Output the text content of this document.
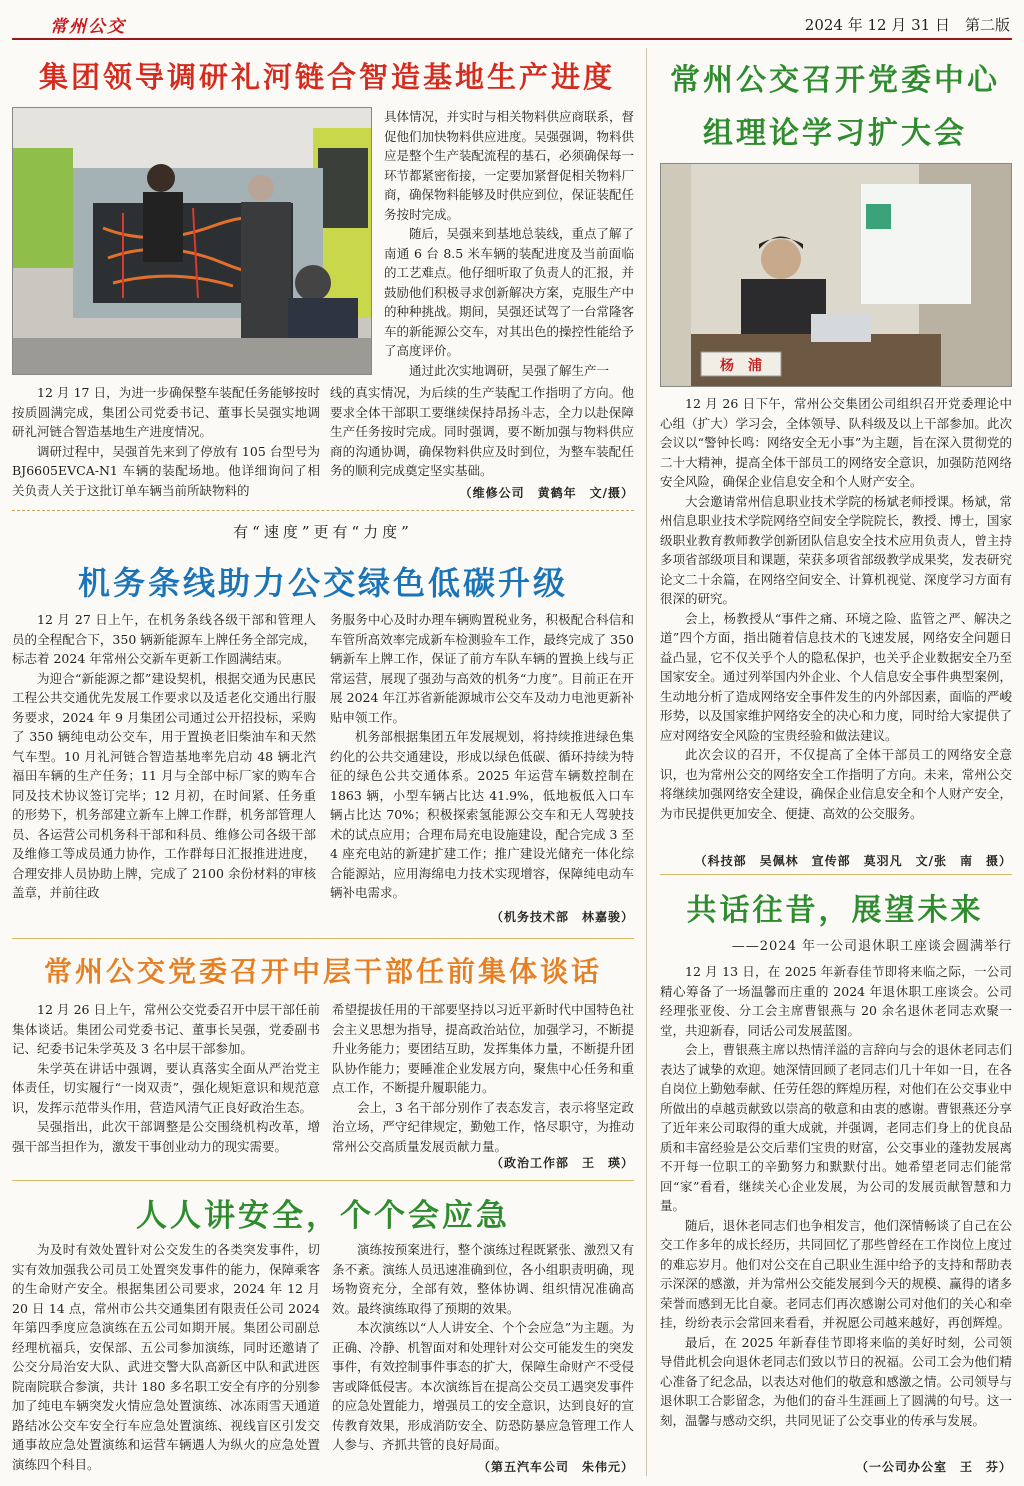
常州公交	2024 年 12 月 31 日　第二版
集团领导调研礼河链合智造基地生产进度

具体情况，并实时与相关物料供应商联系，督促他们加快物料供应进度。吴强强调，物料供应是整个生产装配流程的基石，必须确保每一环节都紧密衔接，一定要加紧督促相关物料厂商，确保物料能够及时供应到位，保证装配任务按时完成。

随后，吴强来到基地总装线，重点了解了南通 6 台 8.5 米车辆的装配进度及当前面临的工艺难点。他仔细听取了负责人的汇报，并鼓励他们积极寻求创新解决方案，克服生产中的种种挑战。期间，吴强还试驾了一台常隆客车的新能源公交车，对其出色的操控性能给予了高度评价。

通过此次实地调研，吴强了解生产一

12 月 17 日，为进一步确保整车装配任务能够按时按质圆满完成，集团公司党委书记、董事长吴强实地调研礼河链合智造基地生产进度情况。

调研过程中，吴强首先来到了停放有 105 台型号为 BJ6605EVCA-N1 车辆的装配场地。他详细询问了相关负责人关于这批订单车辆当前所缺物料的

线的真实情况，为后续的生产装配工作指明了方向。他要求全体干部职工要继续保持昂扬斗志，全力以赴保障生产任务按时完成。同时强调，要不断加强与物料供应商的沟通协调，确保物料供应及时到位，为整车装配任务的顺利完成奠定坚实基础。

（维修公司　黄鹤年　文/摄）
有“速度”更有“力度”
机务条线助力公交绿色低碳升级

12 月 27 日上午，在机务条线各级干部和管理人员的全程配合下，350 辆新能源车上牌任务全部完成，标志着 2024 年常州公交新车更新工作圆满结束。

为迎合“新能源之都”建设契机，根据交通为民惠民工程公共交通优先发展工作要求以及适老化交通出行服务要求，2024 年 9 月集团公司通过公开招投标，采购了 350 辆纯电动公交车，用于置换老旧柴油车和天然气车型。10 月礼河链合智造基地率先启动 48 辆北汽福田车辆的生产任务；11 月与全部中标厂家的购车合同及技术协议签订完毕；12 月初，在时间紧、任务重的形势下，机务部建立新车上牌工作群，机务部管理人员、各运营公司机务科干部和科员、维修公司各级干部及维修工等成员通力协作，工作群每日汇报推进进度，合理安排人员协助上牌，完成了 2100 余份材料的审核盖章，并前往政

务服务中心及时办理车辆购置税业务，积极配合科信和车管所高效率完成新车检测验车工作，最终完成了 350 辆新车上牌工作，保证了前方车队车辆的置换上线与正常运营，展现了强劲与高效的机务“力度”。目前正在开展 2024 年江苏省新能源城市公交车及动力电池更新补贴申领工作。

机务部根据集团五年发展规划，将持续推进绿色集约化的公共交通建设，形成以绿色低碳、循环持续为特征的绿色公共交通体系。2025 年运营车辆数控制在 1863 辆，小型车辆占比达 41.9%，低地板低入口车辆占比达 70%；积极探索氢能源公交车和无人驾驶技术的试点应用；合理布局充电设施建设，配合完成 3 至 4 座充电站的新建扩建工作；推广建设光储充一体化综合能源站，应用海绵电力技术实现增容，保障纯电动车辆补电需求。

（机务技术部　林嘉骏）
常州公交党委召开中层干部任前集体谈话

12 月 26 日上午，常州公交党委召开中层干部任前集体谈话。集团公司党委书记、董事长吴强，党委副书记、纪委书记朱学英及 3 名中层干部参加。

朱学英在讲话中强调，要认真落实全面从严治党主体责任，切实履行“一岗双责”，强化规矩意识和规范意识，发挥示范带头作用，营造风清气正良好政治生态。

吴强指出，此次干部调整是公交围绕机构改革，增强干部当担作为，激发干事创业动力的现实需要。

希望提拔任用的干部要坚持以习近平新时代中国特色社会主义思想为指导，提高政治站位，加强学习，不断提升业务能力；要团结互助，发挥集体力量，不断提升团队协作能力；要睡准企业发展方向，聚焦中心任务和重点工作，不断提升履职能力。

会上，3 名干部分别作了表态发言，表示将坚定政治立场，严守纪律规定，勤勉工作，恪尽职守，为推动常州公交高质量发展贡献力量。

（政治工作部　王　瑛）
人人讲安全，个个会应急

为及时有效处置针对公交发生的各类突发事件，切实有效加强我公司员工处置突发事件的能力，保障乘客的生命财产安全。根据集团公司要求，2024 年 12 月 20 日 14 点，常州市公共交通集团有限责任公司 2024 年第四季度应急演练在五公司如期开展。集团公司副总经理杭福兵，安保部、五公司参加演练，同时还邀请了公交分局治安大队、武进交警大队高新区中队和武进医院南院联合参演，共计 180 多名职工安全有序的分别参加了纯电车辆突发火情应急处置演练、冰冻雨雪天通道路结冰公交车安全行车应急处置演练、视线盲区引发交通事故应急处置演练和运营车辆遇人为纵火的应急处置演练四个科目。

演练按预案进行，整个演练过程既紧张、激烈又有条不紊。演练人员迅速准确到位，各小组职责明确，现场物资充分，全部有效，整体协调、组织情况准确高效。最终演练取得了预期的效果。

本次演练以“人人讲安全、个个会应急”为主题。为正确、冷静、机智面对和处理针对公交可能发生的突发事件，有效控制事件事态的扩大，保障生命财产不受侵害或降低侵害。本次演练旨在提高公交员工遇突发事件的应急处置能力，增强员工的安全意识，达到良好的宣传教育效果，形成消防安全、防恐防暴应急管理工作人人参与、齐抓共管的良好局面。

（第五汽车公司　朱伟元）
常州公交召开党委中心
组理论学习扩大会
杨　浦

12 月 26 日下午，常州公交集团公司组织召开党委理论中心组（扩大）学习会，全体领导、队科级及以上干部参加。此次会议以“警钟长鸣：网络安全无小事”为主题，旨在深入贯彻党的二十大精神，提高全体干部员工的网络安全意识，加强防范网络安全风险，确保企业信息安全和个人财产安全。

大会邀请常州信息职业技术学院的杨斌老师授课。杨斌，常州信息职业技术学院网络空间安全学院院长，教授、博士，国家级职业教育教师教学创新团队信息安全技术应用负责人，曾主持多项省部级项目和课题，荣获多项省部级教学成果奖，发表研究论文二十余篇，在网络空间安全、计算机视觉、深度学习方面有很深的研究。

会上，杨教授从“事件之痛、环境之险、监管之严、解决之道”四个方面，指出随着信息技术的飞速发展，网络安全问题日益凸显，它不仅关乎个人的隐私保护，也关乎企业数据安全乃至国家安全。通过列举国内外企业、个人信息安全事件典型案例，生动地分析了造成网络安全事件发生的内外部因素，面临的严峻形势，以及国家维护网络安全的决心和力度，同时给大家提供了应对网络安全风险的宝贵经验和做法建议。

此次会议的召开，不仅提高了全体干部员工的网络安全意识，也为常州公交的网络安全工作指明了方向。未来，常州公交将继续加强网络安全建设，确保企业信息安全和个人财产安全，为市民提供更加安全、便捷、高效的公交服务。

（科技部　吴佩林　宣传部　莫羽凡　文/张　南　摄）
共话往昔，展望未来
——2024 年一公司退休职工座谈会圆满举行

12 月 13 日，在 2025 年新春佳节即将来临之际，一公司精心筹备了一场温馨而庄重的 2024 年退休职工座谈会。公司经理张亚俊、分工会主席曹银燕与 20 余名退休老同志欢聚一堂，共迎新春，同话公司发展蓝图。

会上，曹银燕主席以热情洋溢的言辞向与会的退休老同志们表达了诚挚的欢迎。她深情回顾了老同志们几十年如一日，在各自岗位上勤勉奉献、任劳任怨的辉煌历程，对他们在公交事业中所做出的卓越贡献致以崇高的敬意和由衷的感谢。曹银燕还分享了近年来公司取得的重大成就，并强调，老同志们身上的优良品质和丰富经验是公交后辈们宝贵的财富，公交事业的蓬勃发展离不开每一位职工的辛勤努力和默默付出。她希望老同志们能常回“家”看看，继续关心企业发展，为公司的发展贡献智慧和力量。

随后，退休老同志们也争相发言，他们深情畅谈了自己在公交工作多年的成长经历，共同回忆了那些曾经在工作岗位上度过的难忘岁月。他们对公交在自己职业生涯中给予的支持和帮助表示深深的感激，并为常州公交能发展到今天的规模、赢得的诸多荣誉而感到无比自豪。老同志们再次感谢公司对他们的关心和牵挂，纷纷表示会常回来看看，并祝愿公司越来越好，再创辉煌。

最后，在 2025 年新春佳节即将来临的美好时刻，公司领导借此机会向退休老同志们致以节日的祝福。公司工会为他们精心准备了纪念品，以表达对他们的敬意和感激之情。公司领导与退休职工合影留念，为他们的奋斗生涯画上了圆满的句号。这一刻，温馨与感动交织，共同见证了公交事业的传承与发展。

（一公司办公室　王　芬）
